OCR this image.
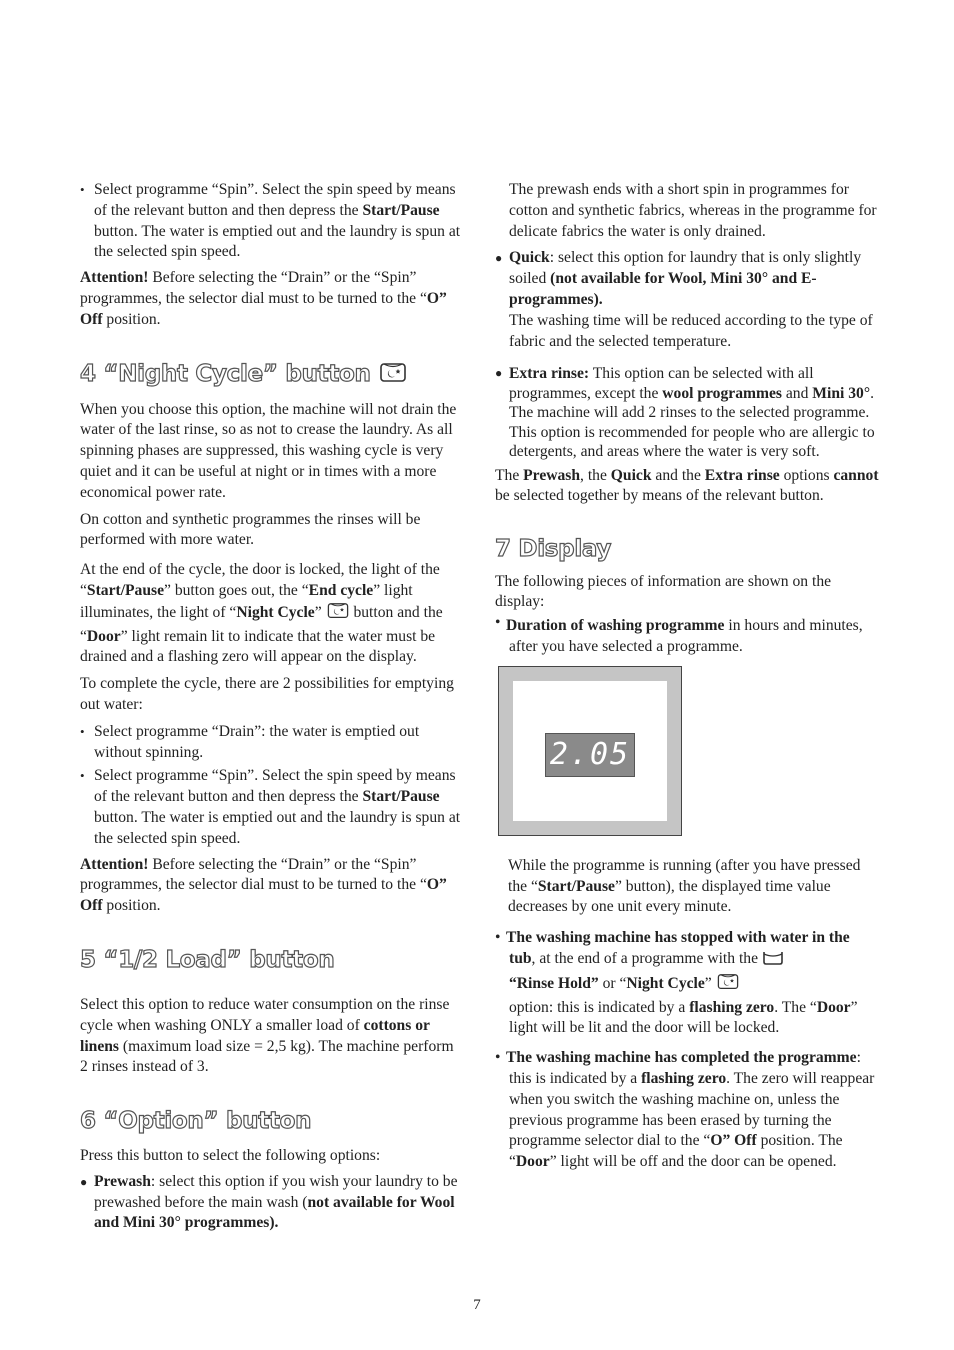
• Select programme “Spin”. Select the spin speed by means of the relevant button and then depress the Start/Pause button. The water is emptied out and the laundry is spun at the selected spin speed.

Attention! Before selecting the “Drain” or the “Spin” programmes, the selector dial must to be turned to the “O” Off position.

4 “Night Cycle” button

When you choose this option, the machine will not drain the water of the last rinse, so as not to crease the laundry. As all spinning phases are suppressed, this washing cycle is very quiet and it can be useful at night or in times with a more economical power rate.

On cotton and synthetic programmes the rinses will be performed with more water.

At the end of the cycle, the door is locked, the light of the “Start/Pause” button goes out, the “End cycle” light illuminates, the light of “Night Cycle”  button and the “Door” light remain lit to indicate that the water must be drained and a flashing zero will appear on the display.

To complete the cycle, there are 2 possibilities for emptying out water:

• Select programme “Drain”: the water is emptied out without spinning.
• Select programme “Spin”. Select the spin speed by means of the relevant button and then depress the Start/Pause button. The water is emptied out and the laundry is spun at the selected spin speed.

Attention! Before selecting the “Drain” or the “Spin” programmes, the selector dial must to be turned to the “O” Off position.

5 “1/2 Load” button

Select this option to reduce water consumption on the rinse cycle when washing ONLY a smaller load of cottons or linens (maximum load size = 2,5 kg). The machine perform 2 rinses instead of 3.

6 “Option” button

Press this button to select the following options:

● Prewash: select this option if you wish your laundry to be prewashed before the main wash (not available for Wool and Mini 30° programmes).

The prewash ends with a short spin in programmes for cotton and synthetic fabrics, whereas in the programme for delicate fabrics the water is only drained.

● Quick: select this option for laundry that is only slightly soiled (not available for Wool, Mini 30° and E-programmes).
The washing time will be reduced according to the type of fabric and the selected temperature.
● Extra rinse: This option can be selected with all programmes, except the wool programmes and Mini 30°. The machine will add 2 rinses to the selected programme.
This option is recommended for people who are allergic to detergents, and areas where the water is very soft.

The Prewash, the Quick and the Extra rinse options cannot be selected together by means of the relevant button.

7 Display

The following pieces of information are shown on the display:

• Duration of washing programme in hours and minutes, after you have selected a programme.

2.05

While the programme is running (after you have pressed the “Start/Pause” button), the displayed time value decreases by one unit every minute.

• The washing machine has stopped with water in the tub, at the end of a programme with the
“Rinse Hold” or “Night Cycle”
option: this is indicated by a flashing zero. The “Door” light will be lit and the door will be locked.

• The washing machine has completed the programme: this is indicated by a flashing zero. The zero will reappear when you switch the washing machine on, unless the previous programme has been erased by turning the programme selector dial to the “O” Off position. The “Door” light will be off and the door can be opened.

7
